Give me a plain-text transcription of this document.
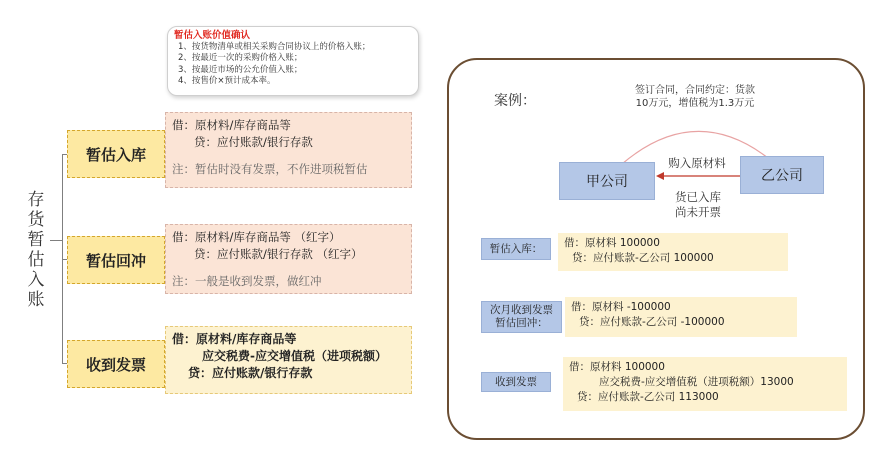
存
货
暂
估
入
账
暂估入账价值确认
1、按货物清单或相关采购合同协议上的价格入账；
2、按最近一次的采购价格入账；
3、按最近市场的公允价值入账；
4、按售价×预计成本率。
暂估入库
借：原材料/库存商品等
贷：应付账款/银行存款
注：暂估时没有发票，不作进项税暂估
暂估回冲
借：原材料/库存商品等 （红字）
贷：应付账款/银行存款 （红字）
注：一般是收到发票，做红冲
收到发票
借：原材料/库存商品等
应交税费-应交增值税（进项税额）
贷：应付账款/银行存款
案例：
签订合同，合同约定：货款
10万元，增值税为1.3万元
甲公司	乙公司
购入原材料
货已入库
尚未开票
暂估入库： 借：原材料 100000
贷：应付账款-乙公司 100000
次月收到发票
暂估回冲：
借：原材料 -100000
贷：应付账款-乙公司 -100000
收到发票
借：原材料 100000
应交税费-应交增值税（进项税额）13000
贷：应付账款-乙公司 113000
